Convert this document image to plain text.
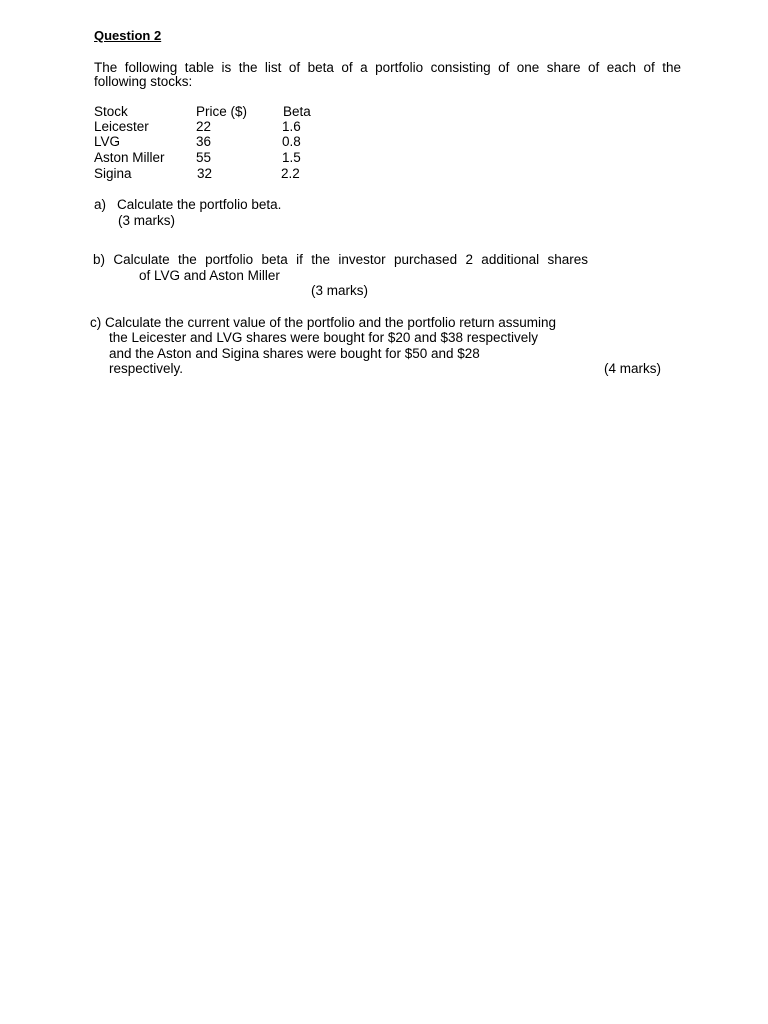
Question 2
The following table is the list of beta of a portfolio consisting of one share of each of the
following stocks:
Stock	Price ($)	Beta
Leicester	22	1.6
LVG	36	0.8
Aston Miller 55	1.5
Sigina	32	2.2
a) Calculate the portfolio beta.
(3 marks)
b) Calculate the portfolio beta if the investor purchased 2 additional shares
of LVG and Aston Miller
(3 marks)
c) Calculate the current value of the portfolio and the portfolio return assuming
the Leicester and LVG shares were bought for $20 and $38 respectively
and the Aston and Sigina shares were bought for $50 and $28
respectively.	(4 marks)
